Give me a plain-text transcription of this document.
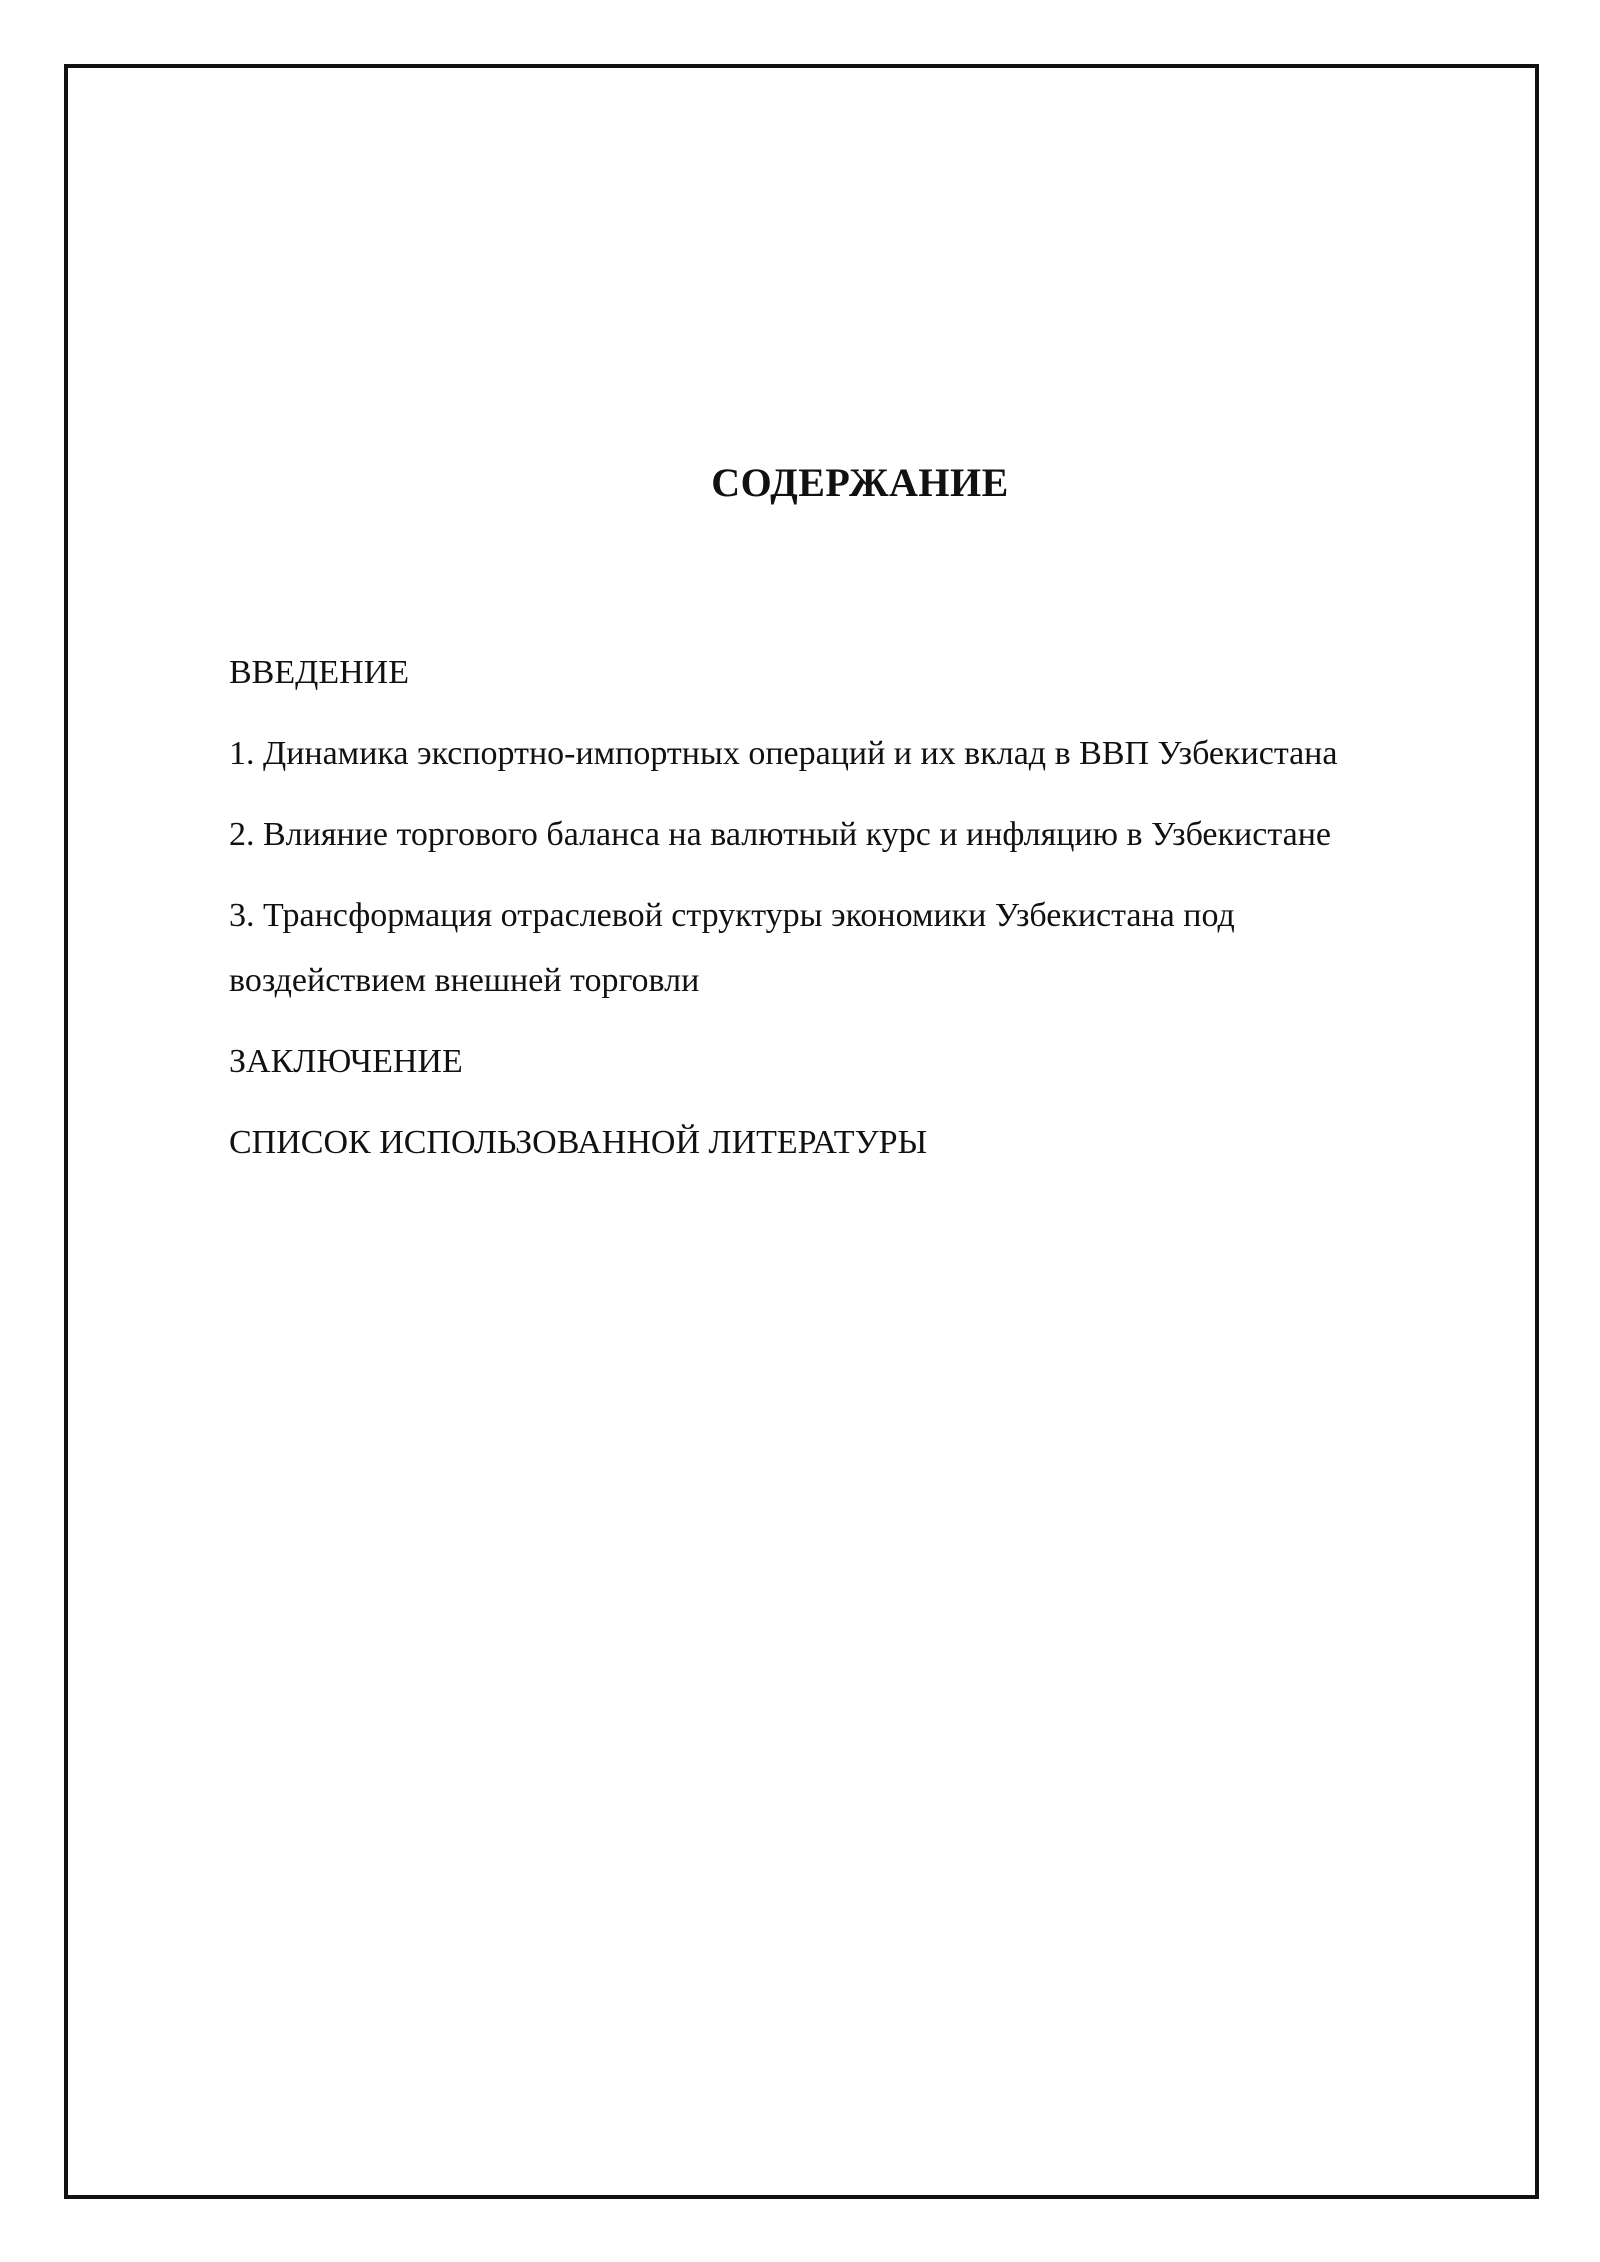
СОДЕРЖАНИЕ
ВВЕДЕНИЕ
1. Динамика экспортно-импортных операций и их вклад в ВВП Узбекистана
2. Влияние торгового баланса на валютный курс и инфляцию в Узбекистане
3. Трансформация отраслевой структуры экономики Узбекистана под воздействием внешней торговли
ЗАКЛЮЧЕНИЕ
СПИСОК ИСПОЛЬЗОВАННОЙ ЛИТЕРАТУРЫ
